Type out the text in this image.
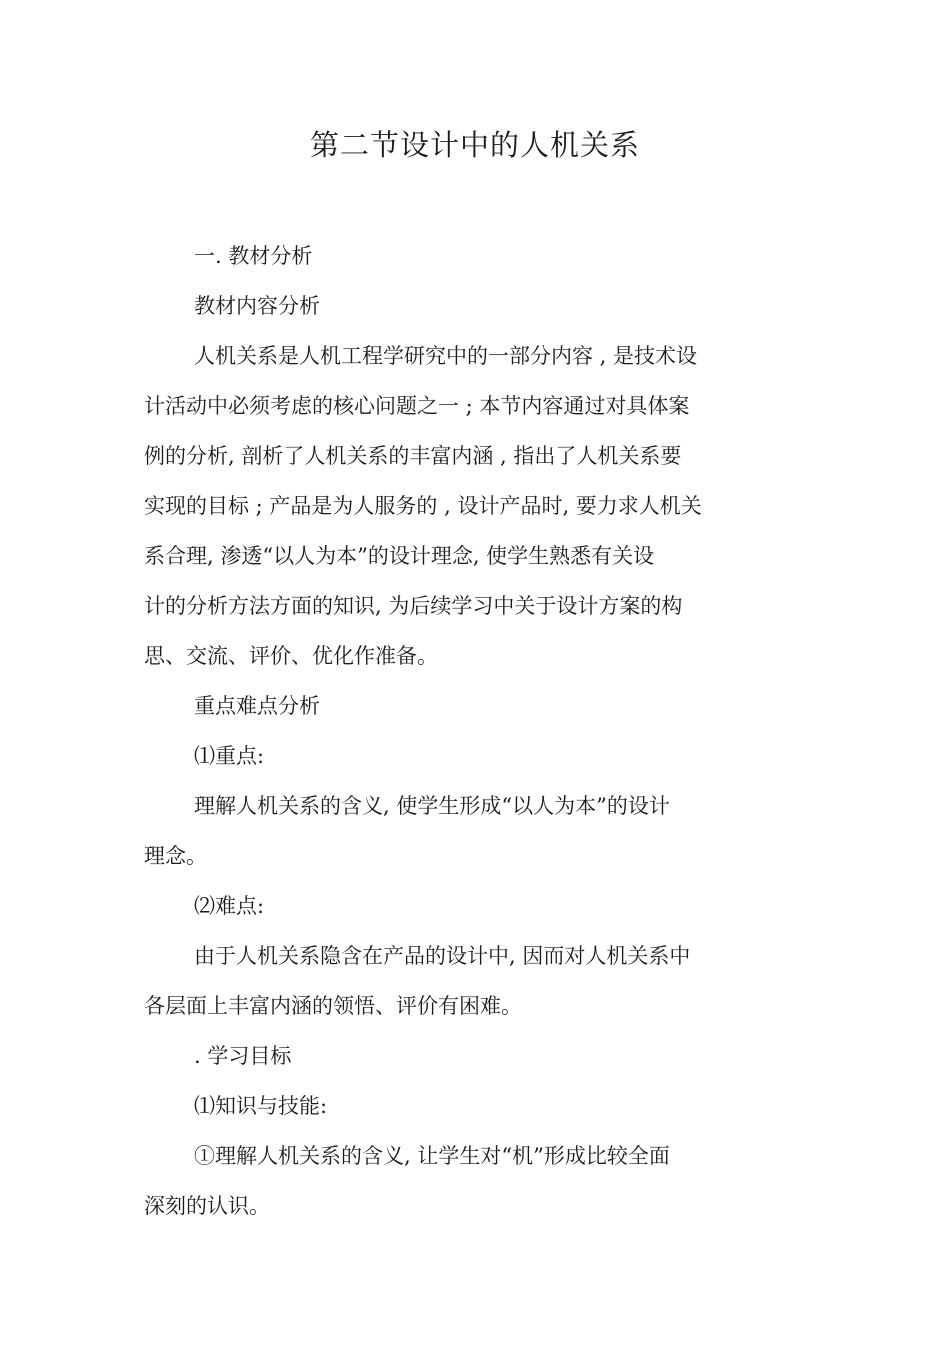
第二节设计中的人机关系
一. 教材分析
教材内容分析
人机关系是人机工程学研究中的一部分内容 , 是技术设
计活动中必须考虑的核心问题之一 ; 本节内容通过对具体案
例的分析, 剖析了人机关系的丰富内涵 , 指出了人机关系要
实现的目标 ; 产品是为人服务的 , 设计产品时, 要力求人机关
系合理, 渗透“以人为本”的设计理念, 使学生熟悉有关设
计的分析方法方面的知识, 为后续学习中关于设计方案的构
思、交流、评价、优化作准备。
重点难点分析
⑴重点:
理解人机关系的含义, 使学生形成“以人为本”的设计
理念。
⑵难点:
由于人机关系隐含在产品的设计中, 因而对人机关系中
各层面上丰富内涵的领悟、评价有困难。
. 学习目标
⑴知识与技能:
①理解人机关系的含义, 让学生对“机”形成比较全面
深刻的认识。
